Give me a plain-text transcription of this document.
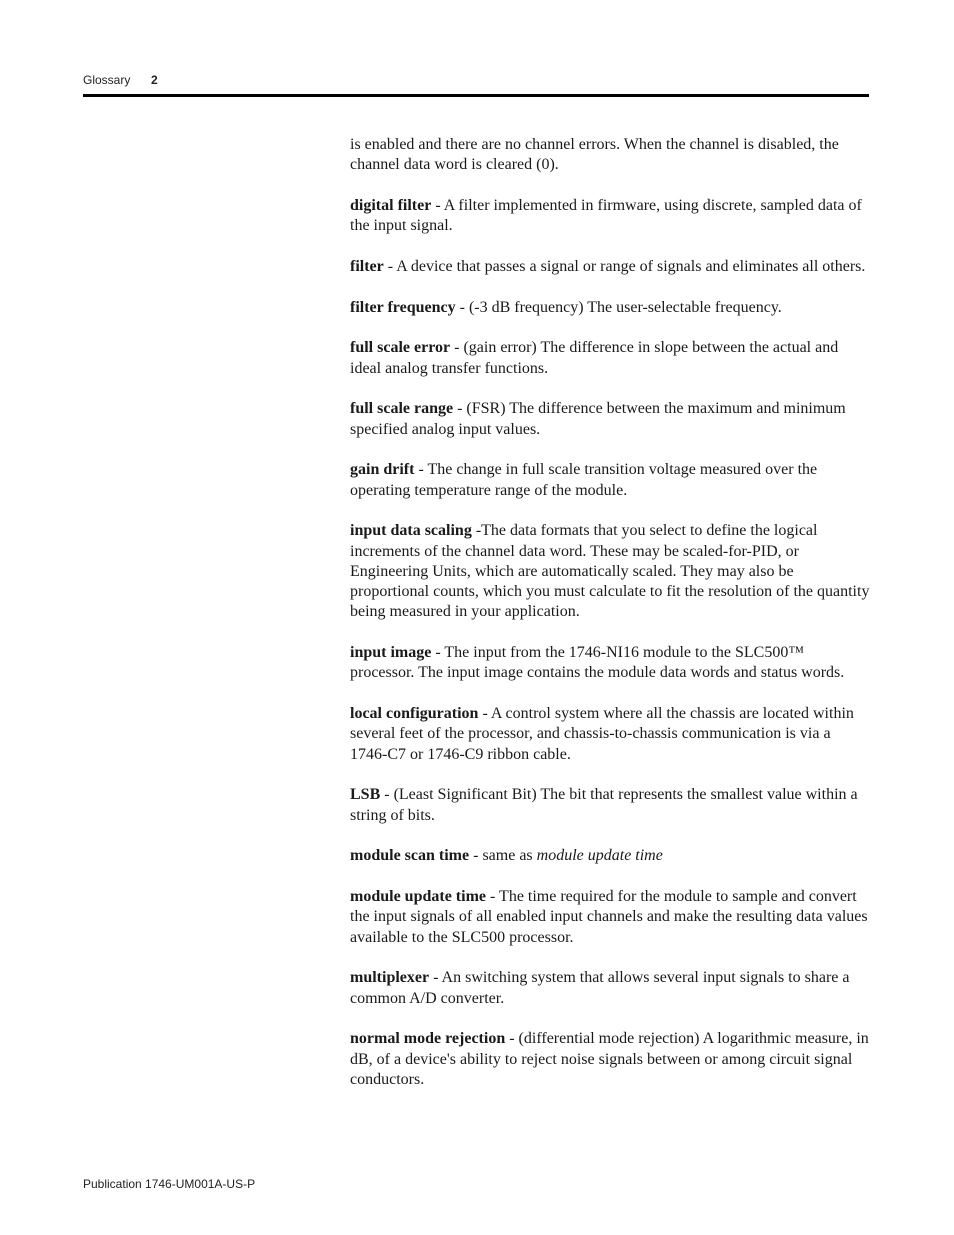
Glossary 2

is enabled and there are no channel errors. When the channel is disabled, the channel data word is cleared (0).

digital filter - A filter implemented in firmware, using discrete, sampled data of the input signal.

filter - A device that passes a signal or range of signals and eliminates all others.

filter frequency - (-3 dB frequency) The user-selectable frequency.

full scale error - (gain error) The difference in slope between the actual and ideal analog transfer functions.

full scale range - (FSR) The difference between the maximum and minimum specified analog input values.

gain drift - The change in full scale transition voltage measured over the operating temperature range of the module.

input data scaling -The data formats that you select to define the logical increments of the channel data word. These may be scaled-for-PID, or Engineering Units, which are automatically scaled. They may also be proportional counts, which you must calculate to fit the resolution of the quantity being measured in your application.

input image - The input from the 1746-NI16 module to the SLC500™ processor. The input image contains the module data words and status words.

local configuration - A control system where all the chassis are located within several feet of the processor, and chassis-to-chassis communication is via a 1746-C7 or 1746-C9 ribbon cable.

LSB - (Least Significant Bit) The bit that represents the smallest value within a string of bits.

module scan time - same as module update time

module update time - The time required for the module to sample and convert the input signals of all enabled input channels and make the resulting data values available to the SLC500 processor.

multiplexer - An switching system that allows several input signals to share a common A/D converter.

normal mode rejection - (differential mode rejection) A logarithmic measure, in dB, of a device's ability to reject noise signals between or among circuit signal conductors.

Publication 1746-UM001A-US-P
